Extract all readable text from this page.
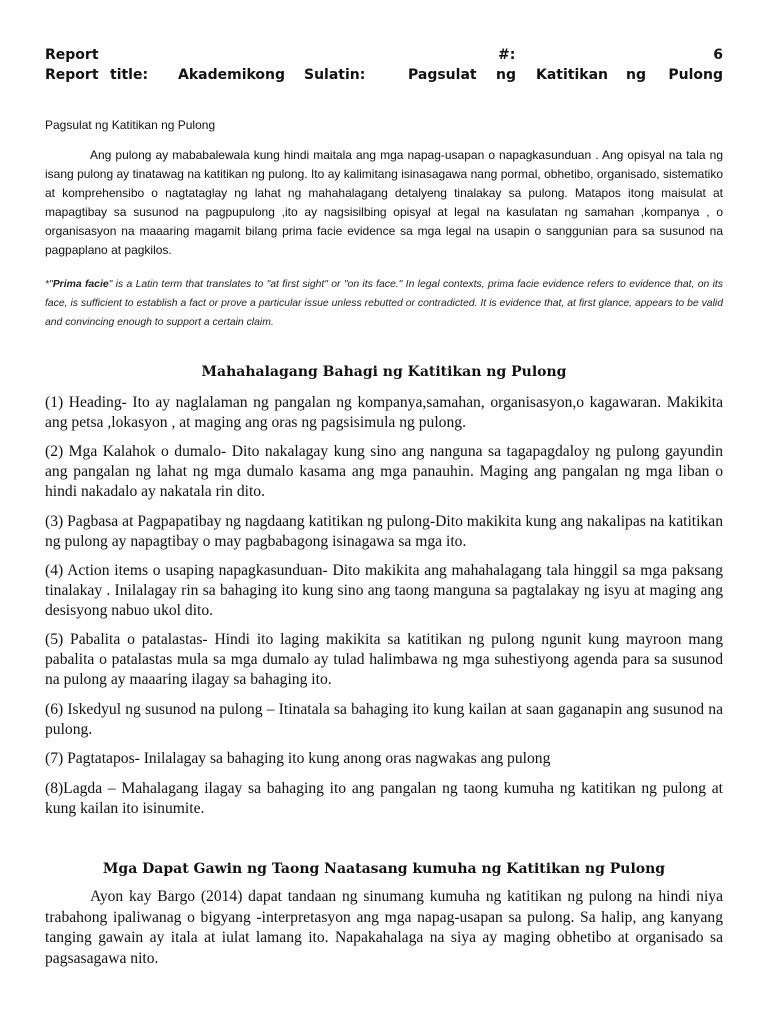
Report	#:	6
Report title: Akademikong Sulatin:	Pagsulat ng Katitikan ng Pulong
Pagsulat ng Katitikan ng Pulong

Ang pulong ay mababalewala kung hindi maitala ang mga napag-usapan o napagkasunduan . Ang opisyal na tala ng isang pulong ay tinatawag na katitikan ng pulong. Ito ay kalimitang isinasagawa nang pormal, obhetibo, organisado, sistematiko at komprehensibo o nagtataglay ng lahat ng mahahalagang detalyeng tinalakay sa pulong. Matapos itong maisulat at mapagtibay sa susunod na pagpupulong ,ito ay nagsisilbing opisyal at legal na kasulatan ng samahan ,kompanya , o organisasyon na maaaring magamit bilang prima facie evidence sa mga legal na usapin o sanggunian para sa susunod na pagpaplano at pagkilos.

*"Prima facie" is a Latin term that translates to "at first sight" or "on its face." In legal contexts, prima facie evidence refers to evidence that, on its face, is sufficient to establish a fact or prove a particular issue unless rebutted or contradicted. It is evidence that, at first glance, appears to be valid and convincing enough to support a certain claim.

Mahahalagang Bahagi ng Katitikan ng Pulong

(1) Heading- Ito ay naglalaman ng pangalan ng kompanya,samahan, organisasyon,o kagawaran. Makikita ang petsa ,lokasyon , at maging ang oras ng pagsisimula ng pulong.

(2) Mga Kalahok o dumalo- Dito nakalagay kung sino ang nanguna sa tagapagdaloy ng pulong gayundin ang pangalan ng lahat ng mga dumalo kasama ang mga panauhin. Maging ang pangalan ng mga liban o hindi nakadalo ay nakatala rin dito.

(3) Pagbasa at Pagpapatibay ng nagdaang katitikan ng pulong-Dito makikita kung ang nakalipas na katitikan ng pulong ay napagtibay o may pagbabagong isinagawa sa mga ito.

(4) Action items o usaping napagkasunduan- Dito makikita ang mahahalagang tala hinggil sa mga paksang tinalakay . Inilalagay rin sa bahaging ito kung sino ang taong manguna sa pagtalakay ng isyu at maging ang desisyong nabuo ukol dito.

(5) Pabalita o patalastas- Hindi ito laging makikita sa katitikan ng pulong ngunit kung mayroon mang pabalita o patalastas mula sa mga dumalo ay tulad halimbawa ng mga suhestiyong agenda para sa susunod na pulong ay maaaring ilagay sa bahaging ito.

(6) Iskedyul ng susunod na pulong – Itinatala sa bahaging ito kung kailan at saan gaganapin ang susunod na pulong.

(7) Pagtatapos- Inilalagay sa bahaging ito kung anong oras nagwakas ang pulong

(8)Lagda – Mahalagang ilagay sa bahaging ito ang pangalan ng taong kumuha ng katitikan ng pulong at kung kailan ito isinumite.

Mga Dapat Gawin ng Taong Naatasang kumuha ng Katitikan ng Pulong

Ayon kay Bargo (2014) dapat tandaan ng sinumang kumuha ng katitikan ng pulong na hindi niya trabahong ipaliwanag o bigyang -interpretasyon ang mga napag-usapan sa pulong. Sa halip, ang kanyang tanging gawain ay itala at iulat lamang ito. Napakahalaga na siya ay maging obhetibo at organisado sa pagsasagawa nito.
